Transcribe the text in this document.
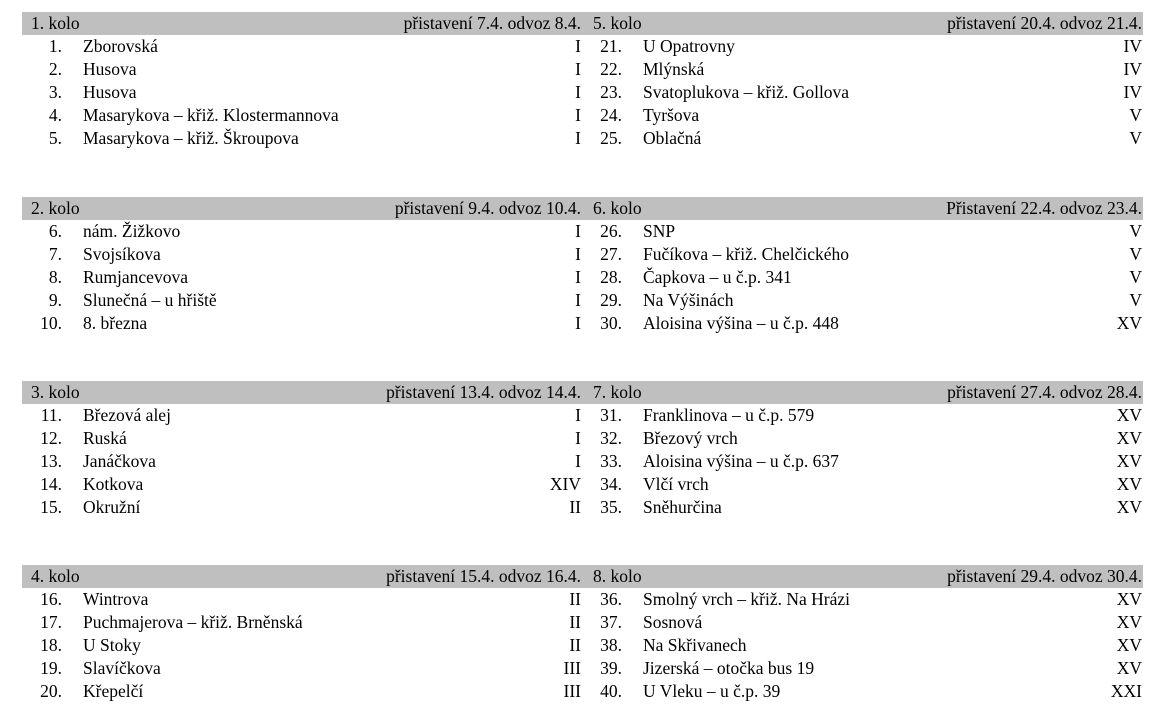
1. kolo	přistavení 7.4. odvoz 8.4. 5. kolo	přistavení 20.4. odvoz 21.4.
1.	Zborovská	I
2.	Husova	I
3.	Husova	I
4.	Masarykova – křiž. Klostermannova	I
5.	Masarykova – křiž. Škroupova	I
21.	U Opatrovny	IV
22.	Mlýnská	IV
23.	Svatoplukova – křiž. Gollova	IV
24.	Tyršova	V
25.	Oblačná	V
2. kolo	přistavení 9.4. odvoz 10.4. 6. kolo	Přistavení 22.4. odvoz 23.4.
6.	nám. Žižkovo	I
7.	Svojsíkova	I
8.	Rumjancevova	I
9.	Slunečná – u hřiště	I
10.	8. března	I
26.	SNP	V
27.	Fučíkova – křiž. Chelčického	V
28.	Čapkova – u č.p. 341	V
29.	Na Výšinách	V
30.	Aloisina výšina – u č.p. 448	XV
3. kolo	přistavení 13.4. odvoz 14.4. 7. kolo	přistavení 27.4. odvoz 28.4.
11.	Březová alej	I
12.	Ruská	I
13.	Janáčkova	I
14.	Kotkova	XIV
15.	Okružní	II
31.	Franklinova – u č.p. 579	XV
32.	Březový vrch	XV
33.	Aloisina výšina – u č.p. 637	XV
34.	Vlčí vrch	XV
35.	Sněhurčina	XV
4. kolo	přistavení 15.4. odvoz 16.4. 8. kolo	přistavení 29.4. odvoz 30.4.
16.	Wintrova	II
17.	Puchmajerova – křiž. Brněnská	II
18.	U Stoky	II
19.	Slavíčkova	III
20.	Křepelčí	III
36.	Smolný vrch – křiž. Na Hrázi	XV
37.	Sosnová	XV
38.	Na Skřivanech	XV
39.	Jizerská – otočka bus 19	XV
40.	U Vleku – u č.p. 39	XXI
